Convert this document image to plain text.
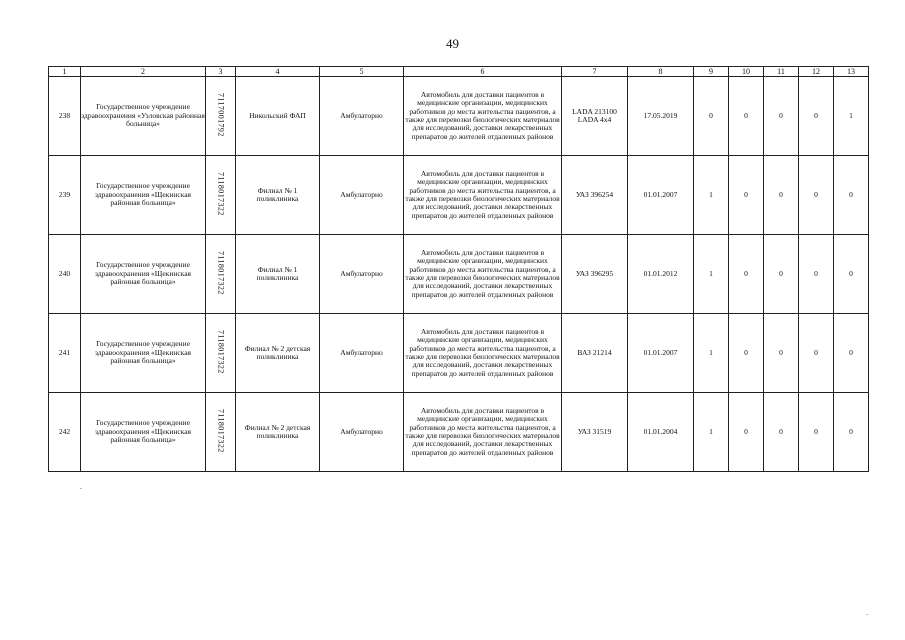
49
1	2	3	4	5	6	7	8	9	10	11	12	13
238	Государственное учреждение здравоохранения «Узловская районная больница»	7117001792	Никольский ФАП	Амбулаторно	Автомобиль для доставки пациентов в медицинские организации, медицинских работников до места жительства пациентов, а также для перевозки биологических материалов для исследований, доставки лекарственных препаратов до жителей отдаленных районов	LADA 213100 LADA 4x4	17.05.2019	0	0	0	0	1
239	Государственное учреждение здравоохранения «Щекинская районная больница»	7118017322	Филиал № 1 поликлиника	Амбулаторно	Автомобиль для доставки пациентов в медицинские организации, медицинских работников до места жительства пациентов, а также для перевозки биологических материалов для исследований, доставки лекарственных препаратов до жителей отдаленных районов	УАЗ 396254	01.01.2007	1	0	0	0	0
240	Государственное учреждение здравоохранения «Щекинская районная больница»	7118017322	Филиал № 1 поликлиника	Амбулаторно	Автомобиль для доставки пациентов в медицинские организации, медицинских работников до места жительства пациентов, а также для перевозки биологических материалов для исследований, доставки лекарственных препаратов до жителей отдаленных районов	УАЗ 396295	01.01.2012	1	0	0	0	0
241	Государственное учреждение здравоохранения «Щекинская районная больница»	7118017322	Филиал № 2 детская поликлиника	Амбулаторно	Автомобиль для доставки пациентов в медицинские организации, медицинских работников до места жительства пациентов, а также для перевозки биологических материалов для исследований, доставки лекарственных препаратов до жителей отдаленных районов	ВАЗ 21214	01.01.2007	1	0	0	0	0
242	Государственное учреждение здравоохранения «Щекинская районная больница»	7118017322	Филиал № 2 детская поликлиника	Амбулаторно	Автомобиль для доставки пациентов в медицинские организации, медицинских работников до места жительства пациентов, а также для перевозки биологических материалов для исследований, доставки лекарственных препаратов до жителей отдаленных районов	УАЗ 31519	01.01.2004	1	0	0	0	0
